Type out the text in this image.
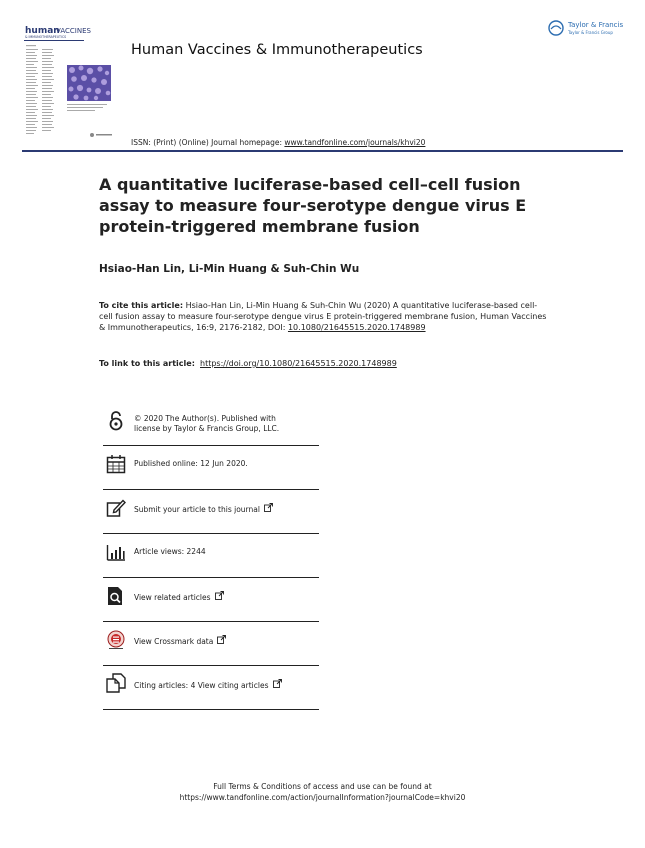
human
VACCINES
& IMMUNOTHERAPEUTICS
Human Vaccines & Immunotherapeutics
Taylor & Francis
Taylor & Francis Group
ISSN: (Print) (Online) Journal homepage: www.tandfonline.com/journals/khvi20
A quantitative luciferase-based cell–cell fusion assay to measure four-serotype dengue virus E protein-triggered membrane fusion
Hsiao-Han Lin, Li-Min Huang & Suh-Chin Wu
To cite this article: Hsiao-Han Lin, Li-Min Huang & Suh-Chin Wu (2020) A quantitative luciferase-based cell-cell fusion assay to measure four-serotype dengue virus E protein-triggered membrane fusion, Human Vaccines & Immunotherapeutics, 16:9, 2176-2182, DOI: 10.1080/21645515.2020.1748989
To link to this article: https://doi.org/10.1080/21645515.2020.1748989
© 2020 The Author(s). Published with
license by Taylor & Francis Group, LLC.
Published online: 12 Jun 2020.
Submit your article to this journal
Article views: 2244
View related articles
View Crossmark data
Citing articles: 4 View citing articles
Full Terms & Conditions of access and use can be found at
https://www.tandfonline.com/action/journalInformation?journalCode=khvi20
